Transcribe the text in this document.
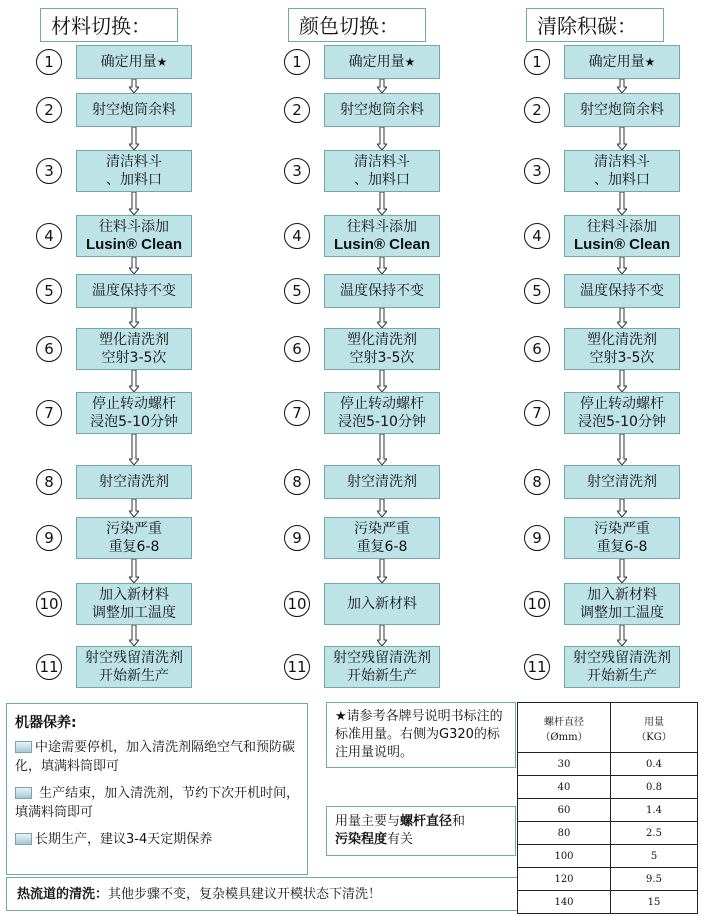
材料切换：
1	确定用量★
2	射空炮筒余料
3	清洁料斗
、加料口
4	往料斗添加
Lusin® Clean
5	温度保持不变
6	塑化清洗剂
空射3-5次
7	停止转动螺杆
浸泡5-10分钟
8	射空清洗剂
9	污染严重
重复6-8
10	加入新材料
调整加工温度
11	射空残留清洗剂
开始新生产
颜色切换：
1	确定用量★
2	射空炮筒余料
3	清洁料斗
、加料口
4	往料斗添加
Lusin® Clean
5	温度保持不变
6	塑化清洗剂
空射3-5次
7	停止转动螺杆
浸泡5-10分钟
8	射空清洗剂
9	污染严重
重复6-8
10	加入新材料
11	射空残留清洗剂
开始新生产
清除积碳：
1	确定用量★
2	射空炮筒余料
3	清洁料斗
、加料口
4	往料斗添加
Lusin® Clean
5	温度保持不变
6	塑化清洗剂
空射3-5次
7	停止转动螺杆
浸泡5-10分钟
8	射空清洗剂
9	污染严重
重复6-8
10	加入新材料
调整加工温度
11	射空残留清洗剂
开始新生产
机器保养:
中途需要停机，加入清洗剂隔绝空气和预防碳化，填满料筒即可
生产结束，加入清洗剂，节约下次开机时间，填满料筒即可
长期生产，建议3-4天定期保养
★请参考各牌号说明书标注的标准用量。右侧为G320的标注用量说明。
用量主要与螺杆直径和
污染程度有关
热流道的清洗：其他步骤不变，复杂模具建议开模状态下清洗！
螺杆直径
（Ømm）	用量
（KG）
30	0.4
40	0.8
60	1.4
80	2.5
100	5
120	9.5
140	15
